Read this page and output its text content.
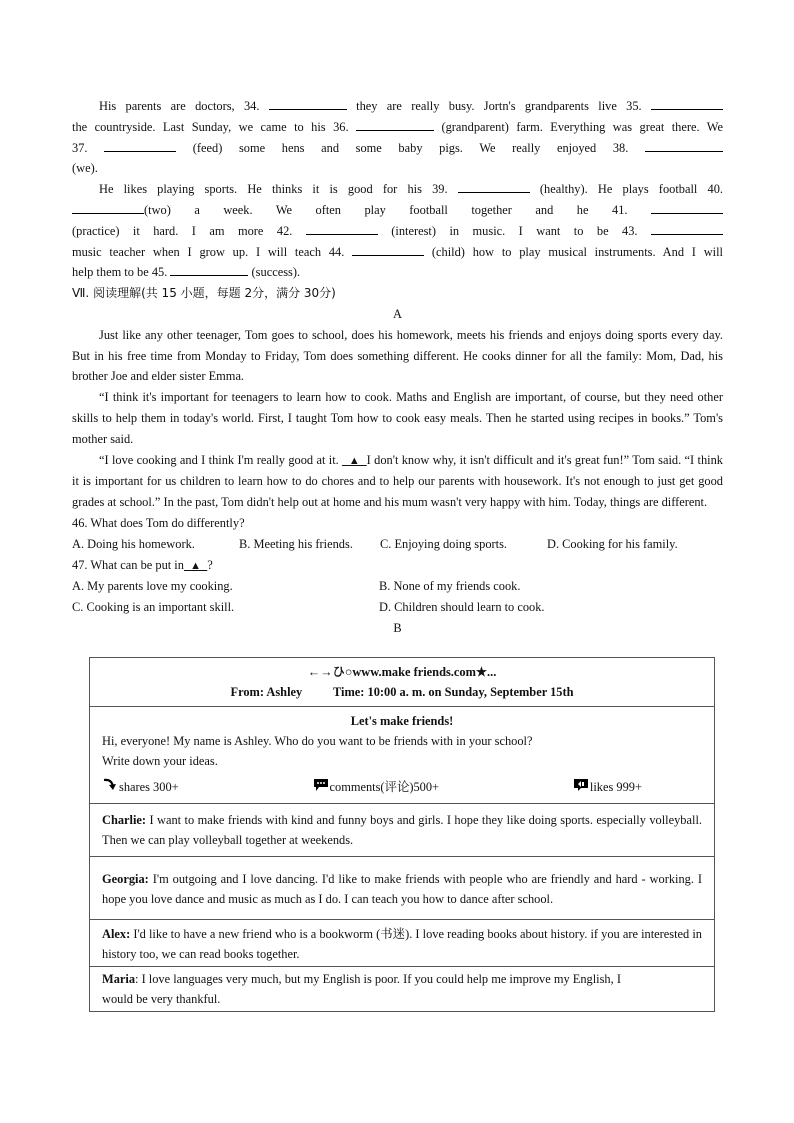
His parents are doctors, 34.	they are really busy. Jortn's grandparents live 35.

the countryside. Last Sunday, we came to his 36.	(grandparent) farm. Everything was great there. We

37.	(feed) some hens and some baby pigs. We really enjoyed 38.

(we).

He likes playing sports. He thinks it is good for his 39.	(healthy). He plays football 40.

(two) a week. We often play football together and he 41.

(practice) it hard. I am more 42.	(interest) in music. I want to be 43.

music teacher when I grow up. I will teach 44.	(child) how to play musical instruments. And I will

help them to be 45.	(success).

Ⅶ. 阅读理解(共 15 小题，每题 2分，满分 30分)

A

Just like any other teenager, Tom goes to school, does his homework, meets his friends and enjoys doing sports every day. But in his free time from Monday to Friday, Tom does something different. He cooks dinner for all the family: Mom, Dad, his brother Joe and elder sister Emma.

“I think it's important for teenagers to learn how to cook. Maths and English are important, of course, but they need other skills to help them in today's world. First, I taught Tom how to cook easy meals. Then he started using recipes in books.” Tom's mother said.

“I love cooking and I think I'm really good at it. ▲ I don't know why, it isn't difficult and it's great fun!” Tom said. “I think it is important for us children to learn how to do chores and to help our parents with housework. It's not enough to just get good grades at school.” In the past, Tom didn't help out at home and his mum wasn't very happy with him. Today, things are different.

46. What does Tom do differently?

A. Doing his homework.	B. Meeting his friends.	C. Enjoying doing sports.	D. Cooking for his family.

47. What can be put in ▲ ?

A. My parents love my cooking.	B. None of my friends cook.

C. Cooking is an important skill.	D. Children should learn to cook.

B

←→ひ○www.make friends.com★...
From: Ashley Time: 10:00 a. m. on Sunday, September 15th

Let's make friends!
Hi, everyone! My name is Ashley. Who do you want to be friends with in your school?
Write down your ideas.
shares 300+	comments(评论)500+	likes 999+

Charlie: I want to make friends with kind and funny boys and girls. I hope they like doing sports. especially volleyball. Then we can play volleyball together at weekends.
Georgia: I'm outgoing and I love dancing. I'd like to make friends with people who are friendly and hard - working. I hope you love dance and music as much as I do. I can teach you how to dance after school.
Alex: I'd like to have a new friend who is a bookworm (书迷). I love reading books about history. if you are interested in history too, we can read books together.
Maria: I love languages very much, but my English is poor. If you could help me improve my English, I would be very thankful.
